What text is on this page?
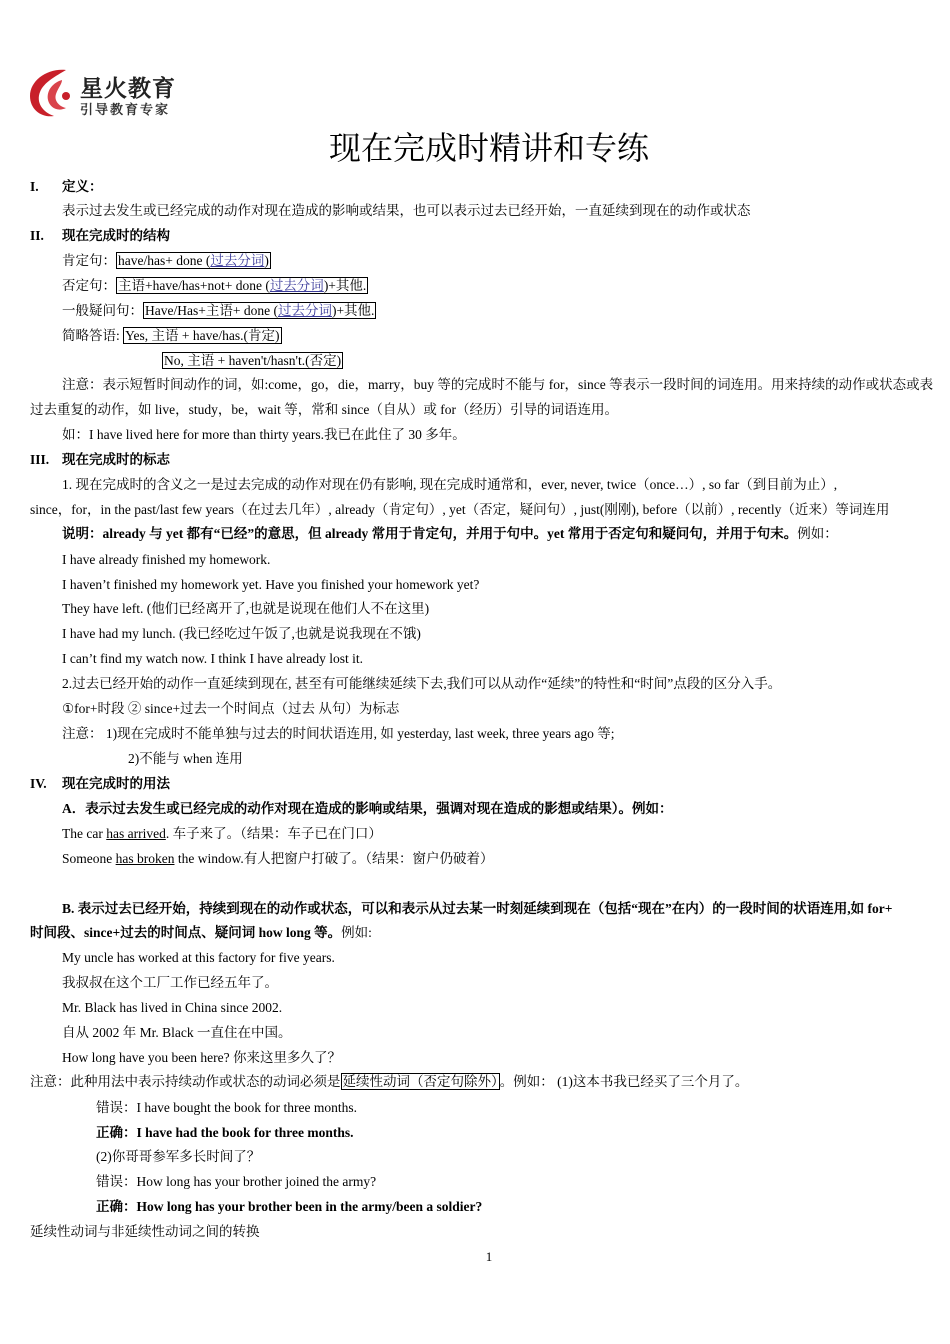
星火教育
引导教育专家
现在完成时精讲和专练
I. 定义：
表示过去发生或已经完成的动作对现在造成的影响或结果，也可以表示过去已经开始，一直延续到现在的动作或状态
II. 现在完成时的结构
肯定句： have/has+ done (过去分词)
否定句： 主语+have/has+not+ done (过去分词)+其他.
一般疑问句： Have/Has+主语+ done (过去分词)+其他.
简略答语: Yes, 主语 + have/has.(肯定)
No, 主语 + haven't/hasn't.(否定)
注意：表示短暂时间动作的词，如:come，go，die，marry，buy 等的完成时不能与 for，since 等表示一段时间的词连用。用来持续的动作或状态或表
过去重复的动作，如 live，study，be，wait 等，常和 since（自从）或 for（经历）引导的词语连用。
如：I have lived here for more than thirty years.我已在此住了 30 多年。
III. 现在完成时的标志
1. 现在完成时的含义之一是过去完成的动作对现在仍有影响, 现在完成时通常和，ever, never, twice（once…）, so far（到目前为止）,
since，for，in the past/last few years（在过去几年）, already（肯定句）, yet（否定，疑问句）, just(刚刚), before（以前）, recently（近来）等词连用
说明：already 与 yet 都有“已经”的意思，但 already 常用于肯定句，并用于句中。yet 常用于否定句和疑问句，并用于句末。例如：
I have already finished my homework.
I haven’t finished my homework yet. Have you finished your homework yet?
They have left. (他们已经离开了,也就是说现在他们人不在这里)
I have had my lunch. (我已经吃过午饭了,也就是说我现在不饿)
I can’t find my watch now. I think I have already lost it.
2.过去已经开始的动作一直延续到现在, 甚至有可能继续延续下去,我们可以从动作“延续”的特性和“时间”点段的区分入手。
①for+时段 ② since+过去一个时间点（过去 从句）为标志
注意： 1)现在完成时不能单独与过去的时间状语连用, 如 yesterday, last week, three years ago 等;
2)不能与 when 连用
IV. 现在完成时的用法
A．表示过去发生或已经完成的动作对现在造成的影响或结果，强调对现在造成的影想或结果）。例如：
The car has arrived. 车子来了。（结果：车子已在门口）
Someone has broken the window.有人把窗户打破了。（结果：窗户仍破着）
B. 表示过去已经开始，持续到现在的动作或状态，可以和表示从过去某一时刻延续到现在（包括“现在”在内）的一段时间的状语连用,如 for+
时间段、since+过去的时间点、疑问词 how long 等。例如:
My uncle has worked at this factory for five years.
我叔叔在这个工厂工作已经五年了。
Mr. Black has lived in China since 2002.
自从 2002 年 Mr. Black 一直住在中国。
How long have you been here? 你来这里多久了？
注意：此种用法中表示持续动作或状态的动词必须是 延续性动词（否定句除外） 。例如： (1)这本书我已经买了三个月了。
错误：I have bought the book for three months.
正确：I have had the book for three months.
(2)你哥哥参军多长时间了？
错误：How long has your brother joined the army?
正确：How long has your brother been in the army/been a soldier?
延续性动词与非延续性动词之间的转换
1
